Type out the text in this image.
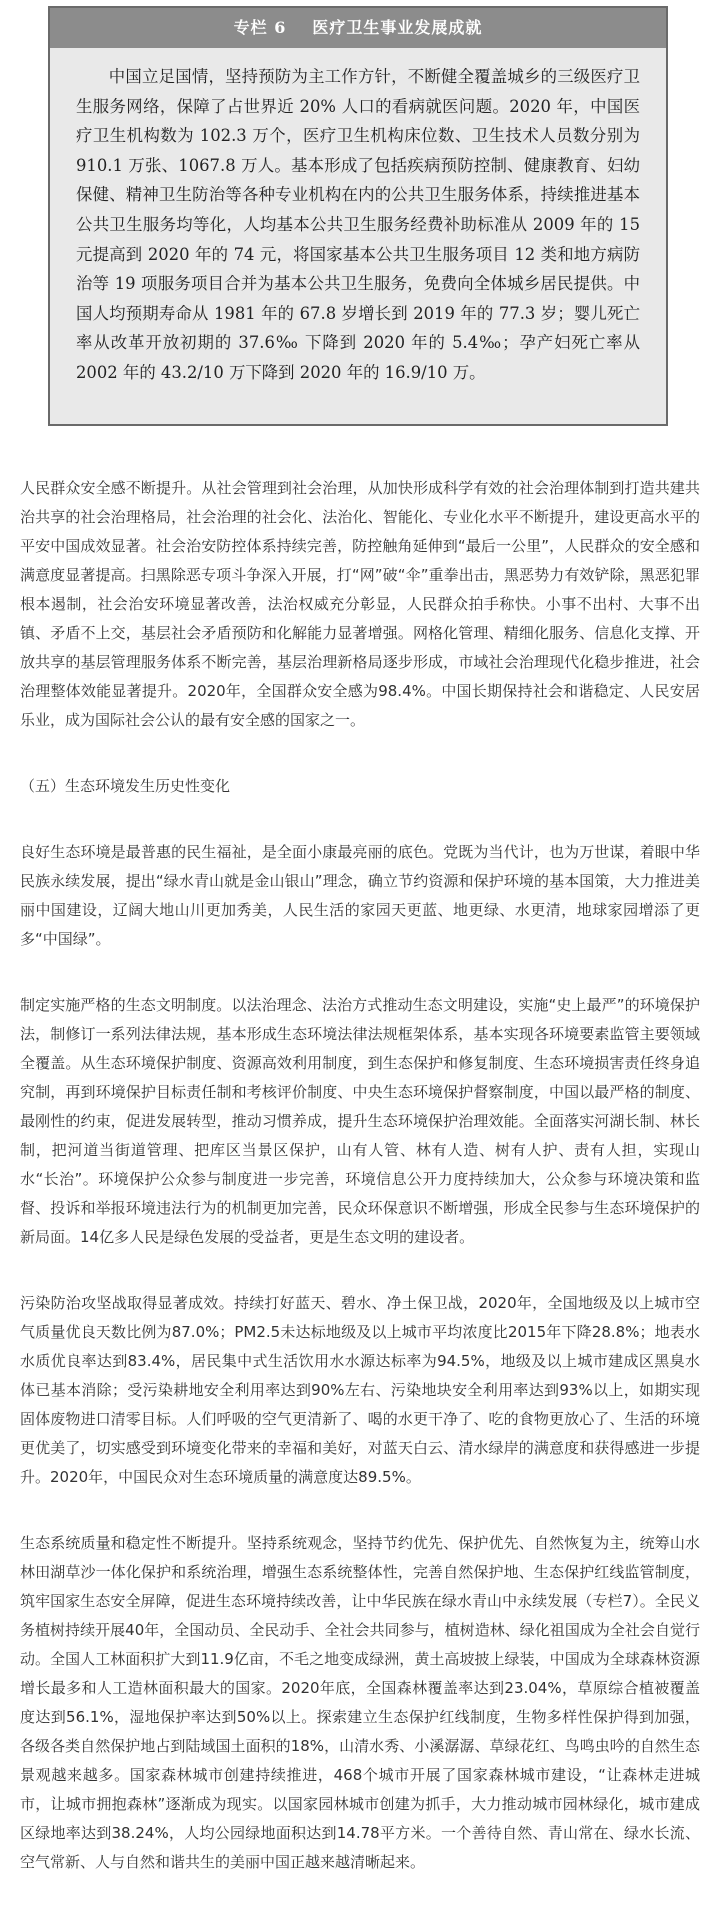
专栏 6 医疗卫生事业发展成就

中国立足国情，坚持预防为主工作方针，不断健全覆盖城乡的三级医疗卫生服务网络，保障了占世界近 20% 人口的看病就医问题。2020 年，中国医疗卫生机构数为 102.3 万个，医疗卫生机构床位数、卫生技术人员数分别为 910.1 万张、1067.8 万人。基本形成了包括疾病预防控制、健康教育、妇幼保健、精神卫生防治等各种专业机构在内的公共卫生服务体系，持续推进基本公共卫生服务均等化，人均基本公共卫生服务经费补助标准从 2009 年的 15 元提高到 2020 年的 74 元，将国家基本公共卫生服务项目 12 类和地方病防治等 19 项服务项目合并为基本公共卫生服务，免费向全体城乡居民提供。中国人均预期寿命从 1981 年的 67.8 岁增长到 2019 年的 77.3 岁；婴儿死亡率从改革开放初期的 37.6‰ 下降到 2020 年的 5.4‰；孕产妇死亡率从 2002 年的 43.2/10 万下降到 2020 年的 16.9/10 万。

人民群众安全感不断提升。从社会管理到社会治理，从加快形成科学有效的社会治理体制到打造共建共治共享的社会治理格局，社会治理的社会化、法治化、智能化、专业化水平不断提升，建设更高水平的平安中国成效显著。社会治安防控体系持续完善，防控触角延伸到“最后一公里”，人民群众的安全感和满意度显著提高。扫黑除恶专项斗争深入开展，打“网”破“伞”重拳出击，黑恶势力有效铲除，黑恶犯罪根本遏制，社会治安环境显著改善，法治权威充分彰显，人民群众拍手称快。小事不出村、大事不出镇、矛盾不上交，基层社会矛盾预防和化解能力显著增强。网格化管理、精细化服务、信息化支撑、开放共享的基层管理服务体系不断完善，基层治理新格局逐步形成，市域社会治理现代化稳步推进，社会治理整体效能显著提升。2020年，全国群众安全感为98.4%。中国长期保持社会和谐稳定、人民安居乐业，成为国际社会公认的最有安全感的国家之一。

（五）生态环境发生历史性变化

良好生态环境是最普惠的民生福祉，是全面小康最亮丽的底色。党既为当代计，也为万世谋，着眼中华民族永续发展，提出“绿水青山就是金山银山”理念，确立节约资源和保护环境的基本国策，大力推进美丽中国建设，辽阔大地山川更加秀美，人民生活的家园天更蓝、地更绿、水更清，地球家园增添了更多“中国绿”。

制定实施严格的生态文明制度。以法治理念、法治方式推动生态文明建设，实施“史上最严”的环境保护法，制修订一系列法律法规，基本形成生态环境法律法规框架体系，基本实现各环境要素监管主要领域全覆盖。从生态环境保护制度、资源高效利用制度，到生态保护和修复制度、生态环境损害责任终身追究制，再到环境保护目标责任制和考核评价制度、中央生态环境保护督察制度，中国以最严格的制度、最刚性的约束，促进发展转型，推动习惯养成，提升生态环境保护治理效能。全面落实河湖长制、林长制，把河道当街道管理、把库区当景区保护，山有人管、林有人造、树有人护、责有人担，实现山水“长治”。环境保护公众参与制度进一步完善，环境信息公开力度持续加大，公众参与环境决策和监督、投诉和举报环境违法行为的机制更加完善，民众环保意识不断增强，形成全民参与生态环境保护的新局面。14亿多人民是绿色发展的受益者，更是生态文明的建设者。

污染防治攻坚战取得显著成效。持续打好蓝天、碧水、净土保卫战，2020年，全国地级及以上城市空气质量优良天数比例为87.0%；PM2.5未达标地级及以上城市平均浓度比2015年下降28.8%；地表水水质优良率达到83.4%，居民集中式生活饮用水水源达标率为94.5%，地级及以上城市建成区黑臭水体已基本消除；受污染耕地安全利用率达到90%左右、污染地块安全利用率达到93%以上，如期实现固体废物进口清零目标。人们呼吸的空气更清新了、喝的水更干净了、吃的食物更放心了、生活的环境更优美了，切实感受到环境变化带来的幸福和美好，对蓝天白云、清水绿岸的满意度和获得感进一步提升。2020年，中国民众对生态环境质量的满意度达89.5%。

生态系统质量和稳定性不断提升。坚持系统观念，坚持节约优先、保护优先、自然恢复为主，统筹山水林田湖草沙一体化保护和系统治理，增强生态系统整体性，完善自然保护地、生态保护红线监管制度，筑牢国家生态安全屏障，促进生态环境持续改善，让中华民族在绿水青山中永续发展（专栏7）。全民义务植树持续开展40年，全国动员、全民动手、全社会共同参与，植树造林、绿化祖国成为全社会自觉行动。全国人工林面积扩大到11.9亿亩，不毛之地变成绿洲，黄土高坡披上绿装，中国成为全球森林资源增长最多和人工造林面积最大的国家。2020年底，全国森林覆盖率达到23.04%，草原综合植被覆盖度达到56.1%，湿地保护率达到50%以上。探索建立生态保护红线制度，生物多样性保护得到加强，各级各类自然保护地占到陆域国土面积的18%，山清水秀、小溪潺潺、草绿花红、鸟鸣虫吟的自然生态景观越来越多。国家森林城市创建持续推进，468个城市开展了国家森林城市建设，“让森林走进城市，让城市拥抱森林”逐渐成为现实。以国家园林城市创建为抓手，大力推动城市园林绿化，城市建成区绿地率达到38.24%，人均公园绿地面积达到14.78平方米。一个善待自然、青山常在、绿水长流、空气常新、人与自然和谐共生的美丽中国正越来越清晰起来。
